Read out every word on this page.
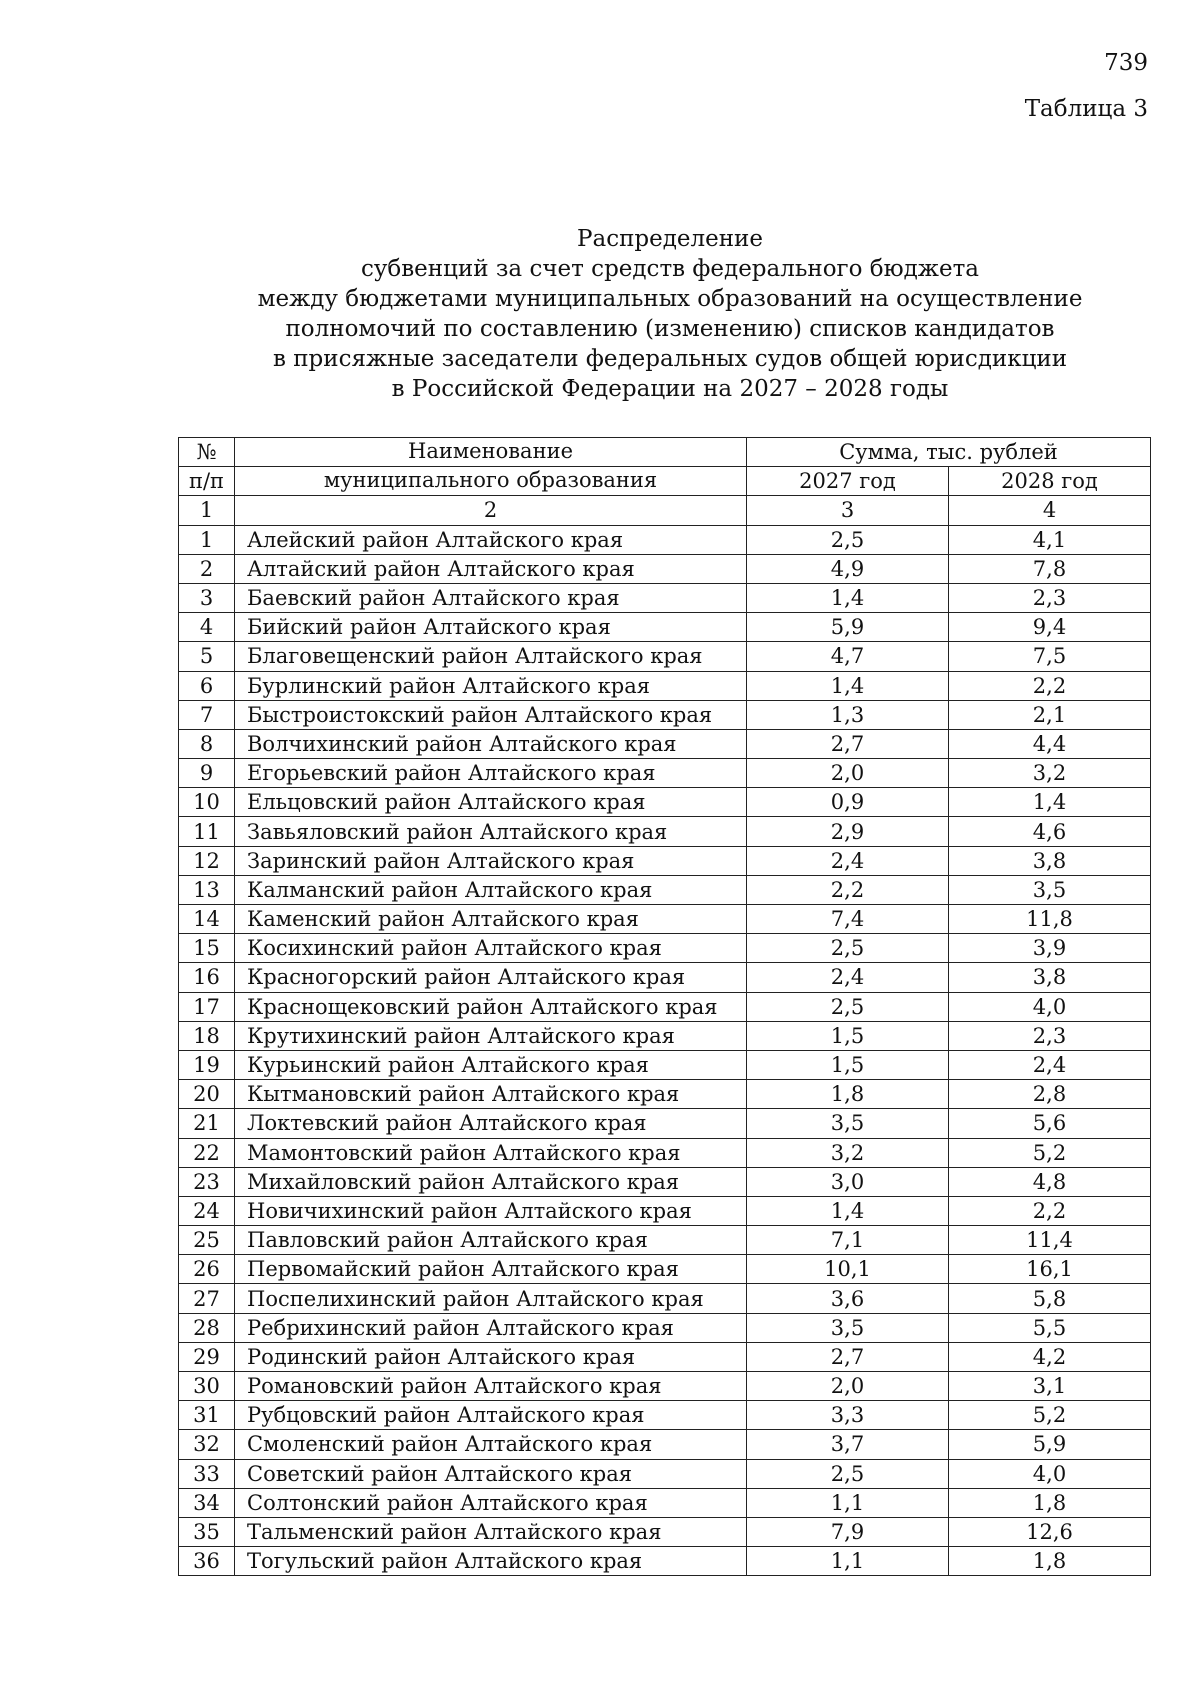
739
Таблица 3
Распределение
субвенций за счет средств федерального бюджета
между бюджетами муниципальных образований на осуществление
полномочий по составлению (изменению) списков кандидатов
в присяжные заседатели федеральных судов общей юрисдикции
в Российской Федерации на 2027 – 2028 годы
№	Наименование	Сумма, тыс. рублей	
п/п	муниципального образования	2027 год	2028 год
1	2	3	4
1	Алейский район Алтайского края	2,5	4,1
2	Алтайский район Алтайского края	4,9	7,8
3	Баевский район Алтайского края	1,4	2,3
4	Бийский район Алтайского края	5,9	9,4
5	Благовещенский район Алтайского края	4,7	7,5
6	Бурлинский район Алтайского края	1,4	2,2
7	Быстроистокский район Алтайского края	1,3	2,1
8	Волчихинский район Алтайского края	2,7	4,4
9	Егорьевский район Алтайского края	2,0	3,2
10	Ельцовский район Алтайского края	0,9	1,4
11	Завьяловский район Алтайского края	2,9	4,6
12	Заринский район Алтайского края	2,4	3,8
13	Калманский район Алтайского края	2,2	3,5
14	Каменский район Алтайского края	7,4	11,8
15	Косихинский район Алтайского края	2,5	3,9
16	Красногорский район Алтайского края	2,4	3,8
17	Краснощековский район Алтайского края	2,5	4,0
18	Крутихинский район Алтайского края	1,5	2,3
19	Курьинский район Алтайского края	1,5	2,4
20	Кытмановский район Алтайского края	1,8	2,8
21	Локтевский район Алтайского края	3,5	5,6
22	Мамонтовский район Алтайского края	3,2	5,2
23	Михайловский район Алтайского края	3,0	4,8
24	Новичихинский район Алтайского края	1,4	2,2
25	Павловский район Алтайского края	7,1	11,4
26	Первомайский район Алтайского края	10,1	16,1
27	Поспелихинский район Алтайского края	3,6	5,8
28	Ребрихинский район Алтайского края	3,5	5,5
29	Родинский район Алтайского края	2,7	4,2
30	Романовский район Алтайского края	2,0	3,1
31	Рубцовский район Алтайского края	3,3	5,2
32	Смоленский район Алтайского края	3,7	5,9
33	Советский район Алтайского края	2,5	4,0
34	Солтонский район Алтайского края	1,1	1,8
35	Тальменский район Алтайского края	7,9	12,6
36	Тогульский район Алтайского края	1,1	1,8
